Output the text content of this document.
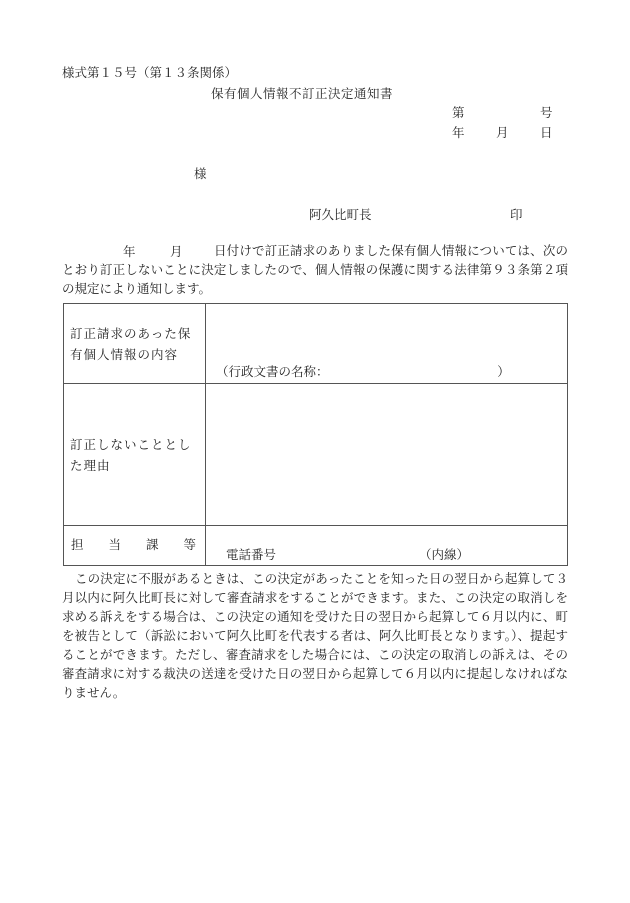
様式第１５号（第１３条関係）
保有個人情報不訂正決定通知書
第	号
年	月	日
様
阿久比町長	印
年	月	日付けで訂正請求のありました保有個人情報については、次のとおり訂正しないことに決定しましたので、個人情報の保護に関する法律第９３条第２項の規定により通知します。
訂正請求のあった保有個人情報の内容	（行政文書の名称：　　　　　　　　　　　　　　）

訂正しないこととした理由	

担　　当　　課　　等	電話番号 （内線）
この決定に不服があるときは、この決定があったことを知った日の翌日から起算して３月以内に阿久比町長に対して審査請求をすることができます。また、この決定の取消しを求める訴えをする場合は、この決定の通知を受けた日の翌日から起算して６月以内に、町を被告として（訴訟において阿久比町を代表する者は、阿久比町長となります。）、提起することができます。ただし、審査請求をした場合には、この決定の取消しの訴えは、その審査請求に対する裁決の送達を受けた日の翌日から起算して６月以内に提起しなければなりません。
